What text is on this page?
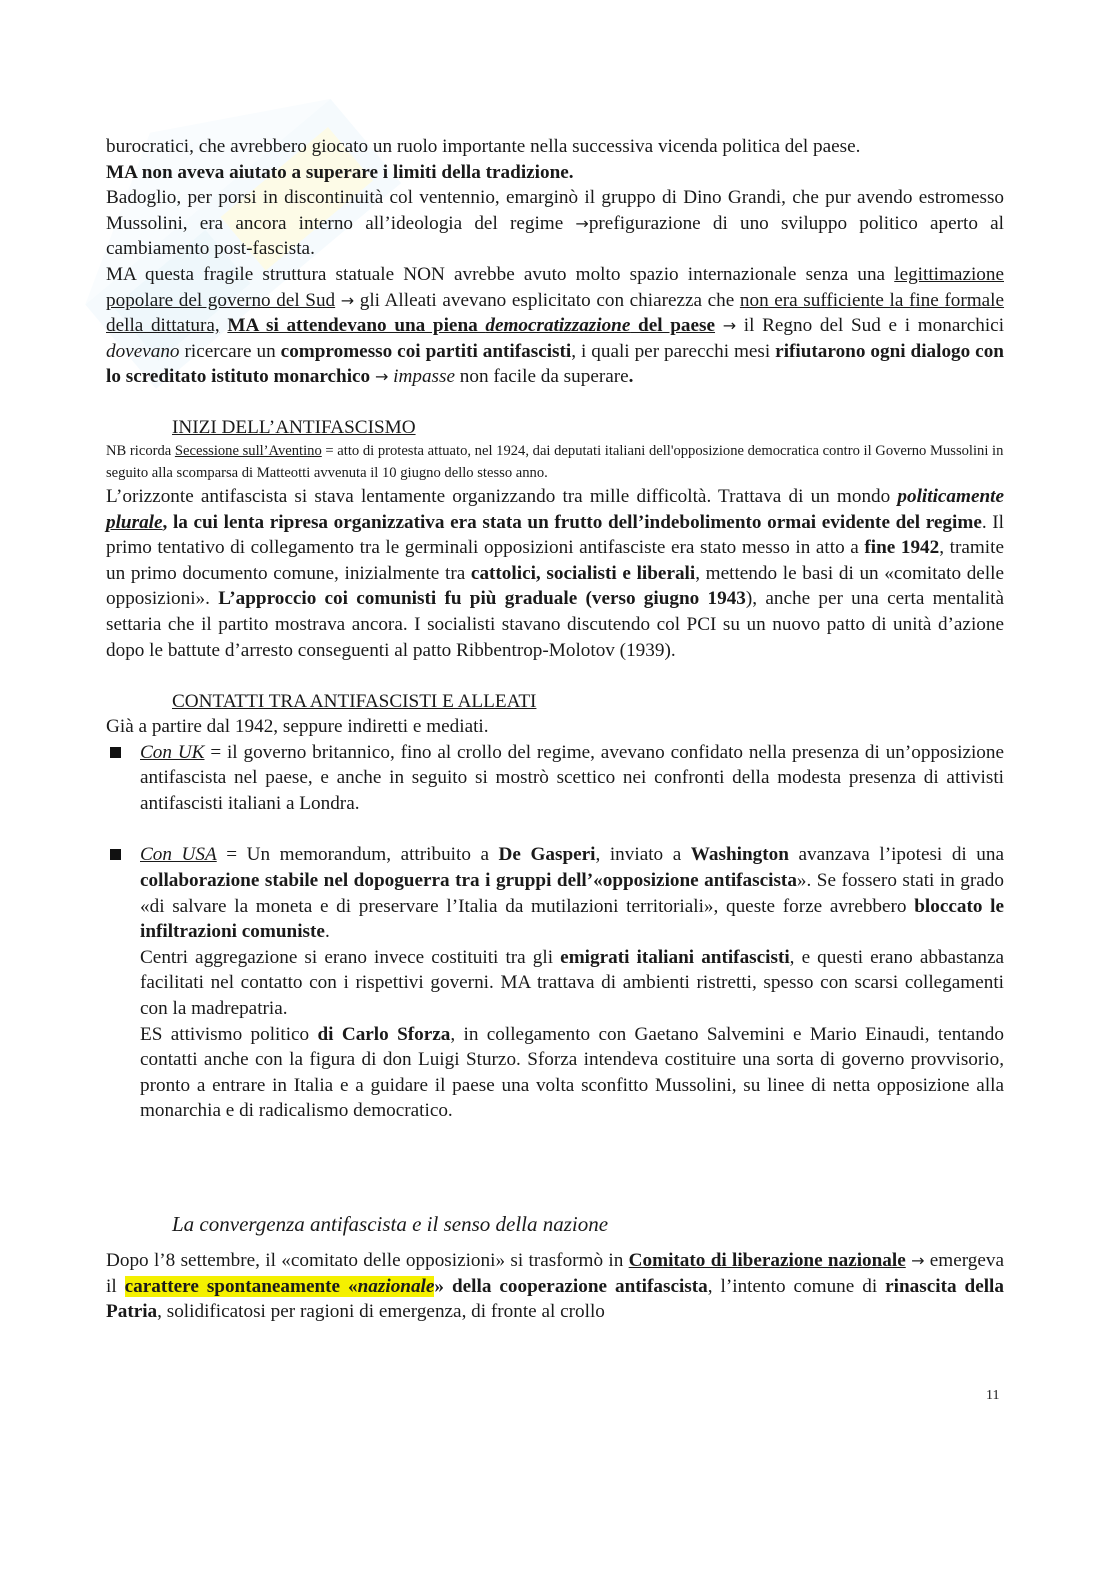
burocratici, che avrebbero giocato un ruolo importante nella successiva vicenda politica del paese.
MA non aveva aiutato a superare i limiti della tradizione.

Badoglio, per porsi in discontinuità col ventennio, emarginò il gruppo di Dino Grandi, che pur avendo estromesso Mussolini, era ancora interno all’ideologia del regime →prefigurazione di uno sviluppo politico aperto al cambiamento post-fascista.

MA questa fragile struttura statuale NON avrebbe avuto molto spazio internazionale senza una legittimazione popolare del governo del Sud → gli Alleati avevano esplicitato con chiarezza che non era sufficiente la fine formale della dittatura, MA si attendevano una piena democratizzazione del paese → il Regno del Sud e i monarchici dovevano ricercare un compromesso coi partiti antifascisti, i quali per parecchi mesi rifiutarono ogni dialogo con lo screditato istituto monarchico → impasse non facile da superare.

INIZI DELL’ANTIFASCISMO

NB ricorda Secessione sull’Aventino = atto di protesta attuato, nel 1924, dai deputati italiani dell'opposizione democratica contro il Governo Mussolini in seguito alla scomparsa di Matteotti avvenuta il 10 giugno dello stesso anno.

L’orizzonte antifascista si stava lentamente organizzando tra mille difficoltà. Trattava di un mondo politicamente plurale, la cui lenta ripresa organizzativa era stata un frutto dell’indebolimento ormai evidente del regime. Il primo tentativo di collegamento tra le germinali opposizioni antifasciste era stato messo in atto a fine 1942, tramite un primo documento comune, inizialmente tra cattolici, socialisti e liberali, mettendo le basi di un «comitato delle opposizioni». L’approccio coi comunisti fu più graduale (verso giugno 1943), anche per una certa mentalità settaria che il partito mostrava ancora. I socialisti stavano discutendo col PCI su un nuovo patto di unità d’azione dopo le battute d’arresto conseguenti al patto Ribbentrop-Molotov (1939).

CONTATTI TRA ANTIFASCISTI E ALLEATI

Già a partire dal 1942, seppure indiretti e mediati.

Con UK = il governo britannico, fino al crollo del regime, avevano confidato nella presenza di un’opposizione antifascista nel paese, e anche in seguito si mostrò scettico nei confronti della modesta presenza di attivisti antifascisti italiani a Londra.

Con USA = Un memorandum, attribuito a De Gasperi, inviato a Washington avanzava l’ipotesi di una collaborazione stabile nel dopoguerra tra i gruppi dell’«opposizione antifascista». Se fossero stati in grado «di salvare la moneta e di preservare l’Italia da mutilazioni territoriali», queste forze avrebbero bloccato le infiltrazioni comuniste.

Centri aggregazione si erano invece costituiti tra gli emigrati italiani antifascisti, e questi erano abbastanza facilitati nel contatto con i rispettivi governi. MA trattava di ambienti ristretti, spesso con scarsi collegamenti con la madrepatria.

ES attivismo politico di Carlo Sforza, in collegamento con Gaetano Salvemini e Mario Einaudi, tentando contatti anche con la figura di don Luigi Sturzo. Sforza intendeva costituire una sorta di governo provvisorio, pronto a entrare in Italia e a guidare il paese una volta sconfitto Mussolini, su linee di netta opposizione alla monarchia e di radicalismo democratico.

La convergenza antifascista e il senso della nazione

Dopo l’8 settembre, il «comitato delle opposizioni» si trasformò in Comitato di liberazione nazionale → emergeva il carattere spontaneamente «nazionale» della cooperazione antifascista, l’intento comune di rinascita della Patria, solidificatosi per ragioni di emergenza, di fronte al crollo

11
